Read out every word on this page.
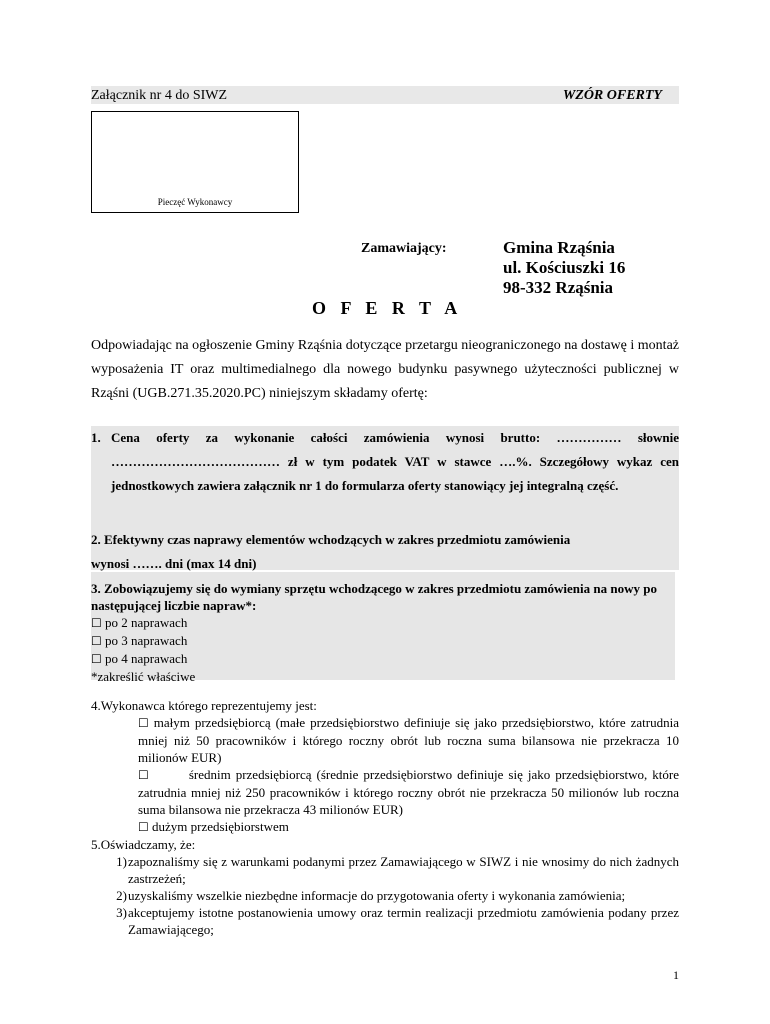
Załącznik nr 4 do SIWZ	WZÓR OFERTY
Pieczęć Wykonawcy
Zamawiający:	Gmina Rząśnia
ul. Kościuszki 16
98-332 Rząśnia
O F E R T A
Odpowiadając na ogłoszenie Gminy Rząśnia dotyczące przetargu nieograniczonego na dostawę i montaż wyposażenia IT oraz multimedialnego dla nowego budynku pasywnego użyteczności publicznej w Rząśni (UGB.271.35.2020.PC) niniejszym składamy ofertę:
1. Cena oferty za wykonanie całości zamówienia wynosi brutto: …………… słownie ………………………………… zł w tym podatek VAT w stawce ….%. Szczegółowy wykaz cen jednostkowych zawiera załącznik nr 1 do formularza oferty stanowiący jej integralną część.
2. Efektywny czas naprawy elementów wchodzących w zakres przedmiotu zamówienia
wynosi ……. dni (max 14 dni)
3. Zobowiązujemy się do wymiany sprzętu wchodzącego w zakres przedmiotu zamówienia na nowy po następującej liczbie napraw*:
☐ po 2 naprawach
☐ po 3 naprawach
☐ po 4 naprawach
*zakreślić właściwe
4.Wykonawca którego reprezentujemy jest:
☐ małym przedsiębiorcą (małe przedsiębiorstwo definiuje się jako przedsiębiorstwo, które zatrudnia mniej niż 50 pracowników i którego roczny obrót lub roczna suma bilansowa nie przekracza 10 milionów EUR)
☐	średnim przedsiębiorcą (średnie przedsiębiorstwo definiuje się jako przedsiębiorstwo, które zatrudnia mniej niż 250 pracowników i którego roczny obrót nie przekracza 50 milionów lub roczna suma bilansowa nie przekracza 43 milionów EUR)
☐ dużym przedsiębiorstwem
5.Oświadczamy, że:
1) zapoznaliśmy się z warunkami podanymi przez Zamawiającego w SIWZ i nie wnosimy do nich żadnych zastrzeżeń;
2) uzyskaliśmy wszelkie niezbędne informacje do przygotowania oferty i wykonania zamówienia;
3) akceptujemy istotne postanowienia umowy oraz termin realizacji przedmiotu zamówienia podany przez Zamawiającego;
1
